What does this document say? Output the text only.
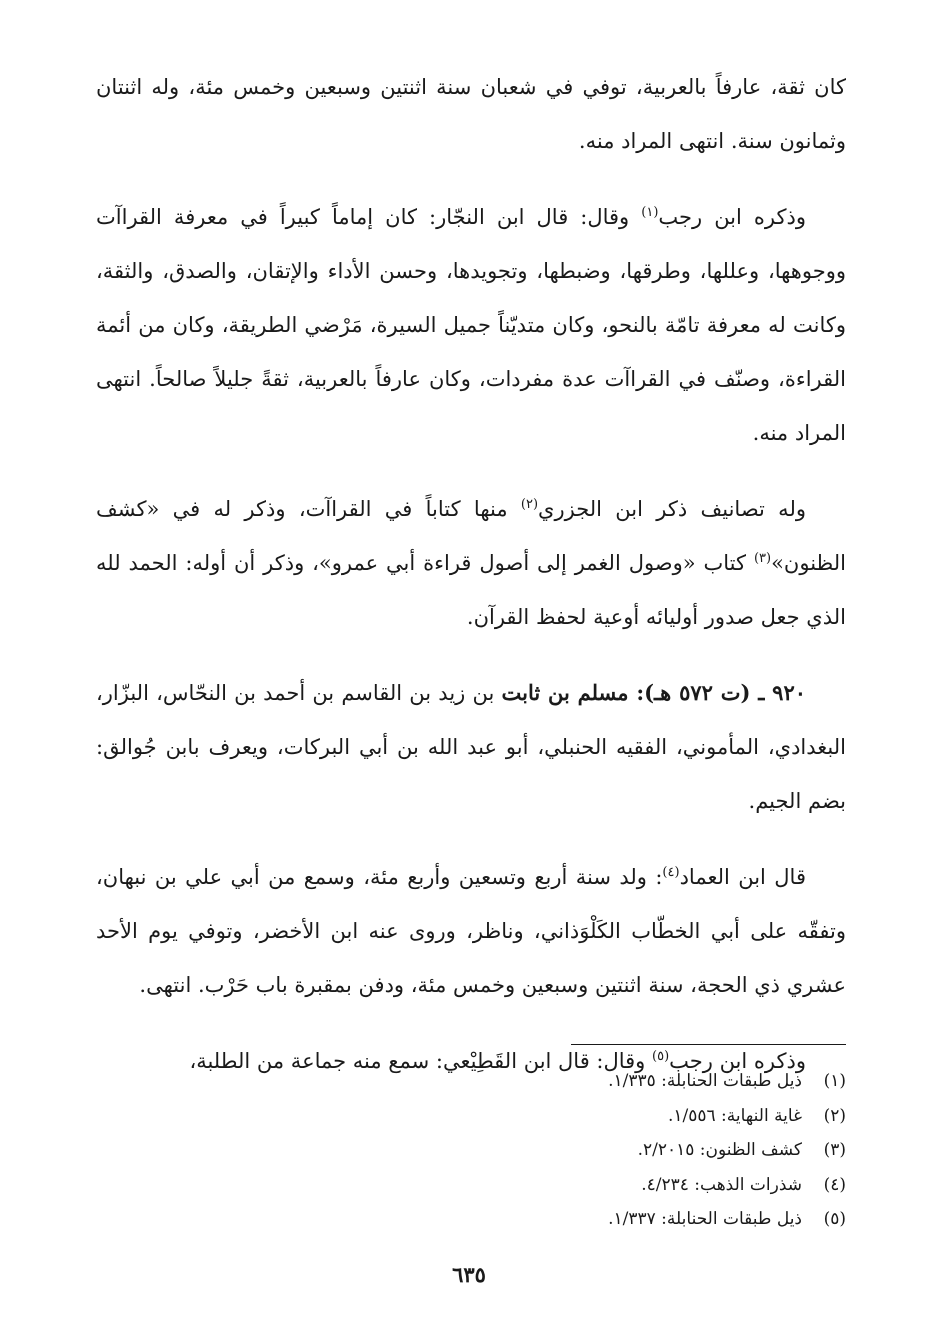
كان ثقة، عارفاً بالعربية، توفي في شعبان سنة اثنتين وسبعين وخمس مئة، وله اثنتان وثمانون سنة. انتهى المراد منه.

وذكره ابن رجب$^{(١)}$ وقال: قال ابن النجّار: كان إماماً كبيراً في معرفة القراآت ووجوهها، وعللها، وطرقها، وضبطها، وتجويدها، وحسن الأداء والإتقان، والصدق، والثقة، وكانت له معرفة تامّة بالنحو، وكان متديّناً جميل السيرة، مَرْضي الطريقة، وكان من أئمة القراءة، وصنّف في القراآت عدة مفردات، وكان عارفاً بالعربية، ثقةً جليلاً صالحاً. انتهى المراد منه.

وله تصانيف ذكر ابن الجزري$^{(٢)}$ منها كتاباً في القراآت، وذكر له في «كشف الظنون»$^{(٣)}$ كتاب «وصول الغمر إلى أصول قراءة أبي عمرو»، وذكر أن أوله: الحمد لله الذي جعل صدور أوليائه أوعية لحفظ القرآن.

٩٢٠ ـ (ت ٥٧٢ هـ): مسلم بن ثابت بن زيد بن القاسم بن أحمد بن النحّاس، البزّار، البغدادي، المأموني، الفقيه الحنبلي، أبو عبد الله بن أبي البركات، ويعرف بابن جُوالق: بضم الجيم.

قال ابن العماد$^{(٤)}$: ولد سنة أربع وتسعين وأربع مئة، وسمع من أبي علي بن نبهان، وتفقّه على أبي الخطّاب الكَلْوَذاني، وناظر، وروى عنه ابن الأخضر، وتوفي يوم الأحد عشري ذي الحجة، سنة اثنتين وسبعين وخمس مئة، ودفن بمقبرة باب حَرْب. انتهى.

وذكره ابن رجب$^{(٥)}$ وقال: قال ابن القَطِيْعي: سمع منه جماعة من الطلبة،

(١)
ذيل طبقات الحنابلة: ١/٣٣٥.
(٢)
غاية النهاية: ١/٥٥٦.
(٣)
كشف الظنون: ٢/٢٠١٥.
(٤)
شذرات الذهب: ٤/٢٣٤.
(٥)
ذيل طبقات الحنابلة: ١/٣٣٧.
٦٣٥
